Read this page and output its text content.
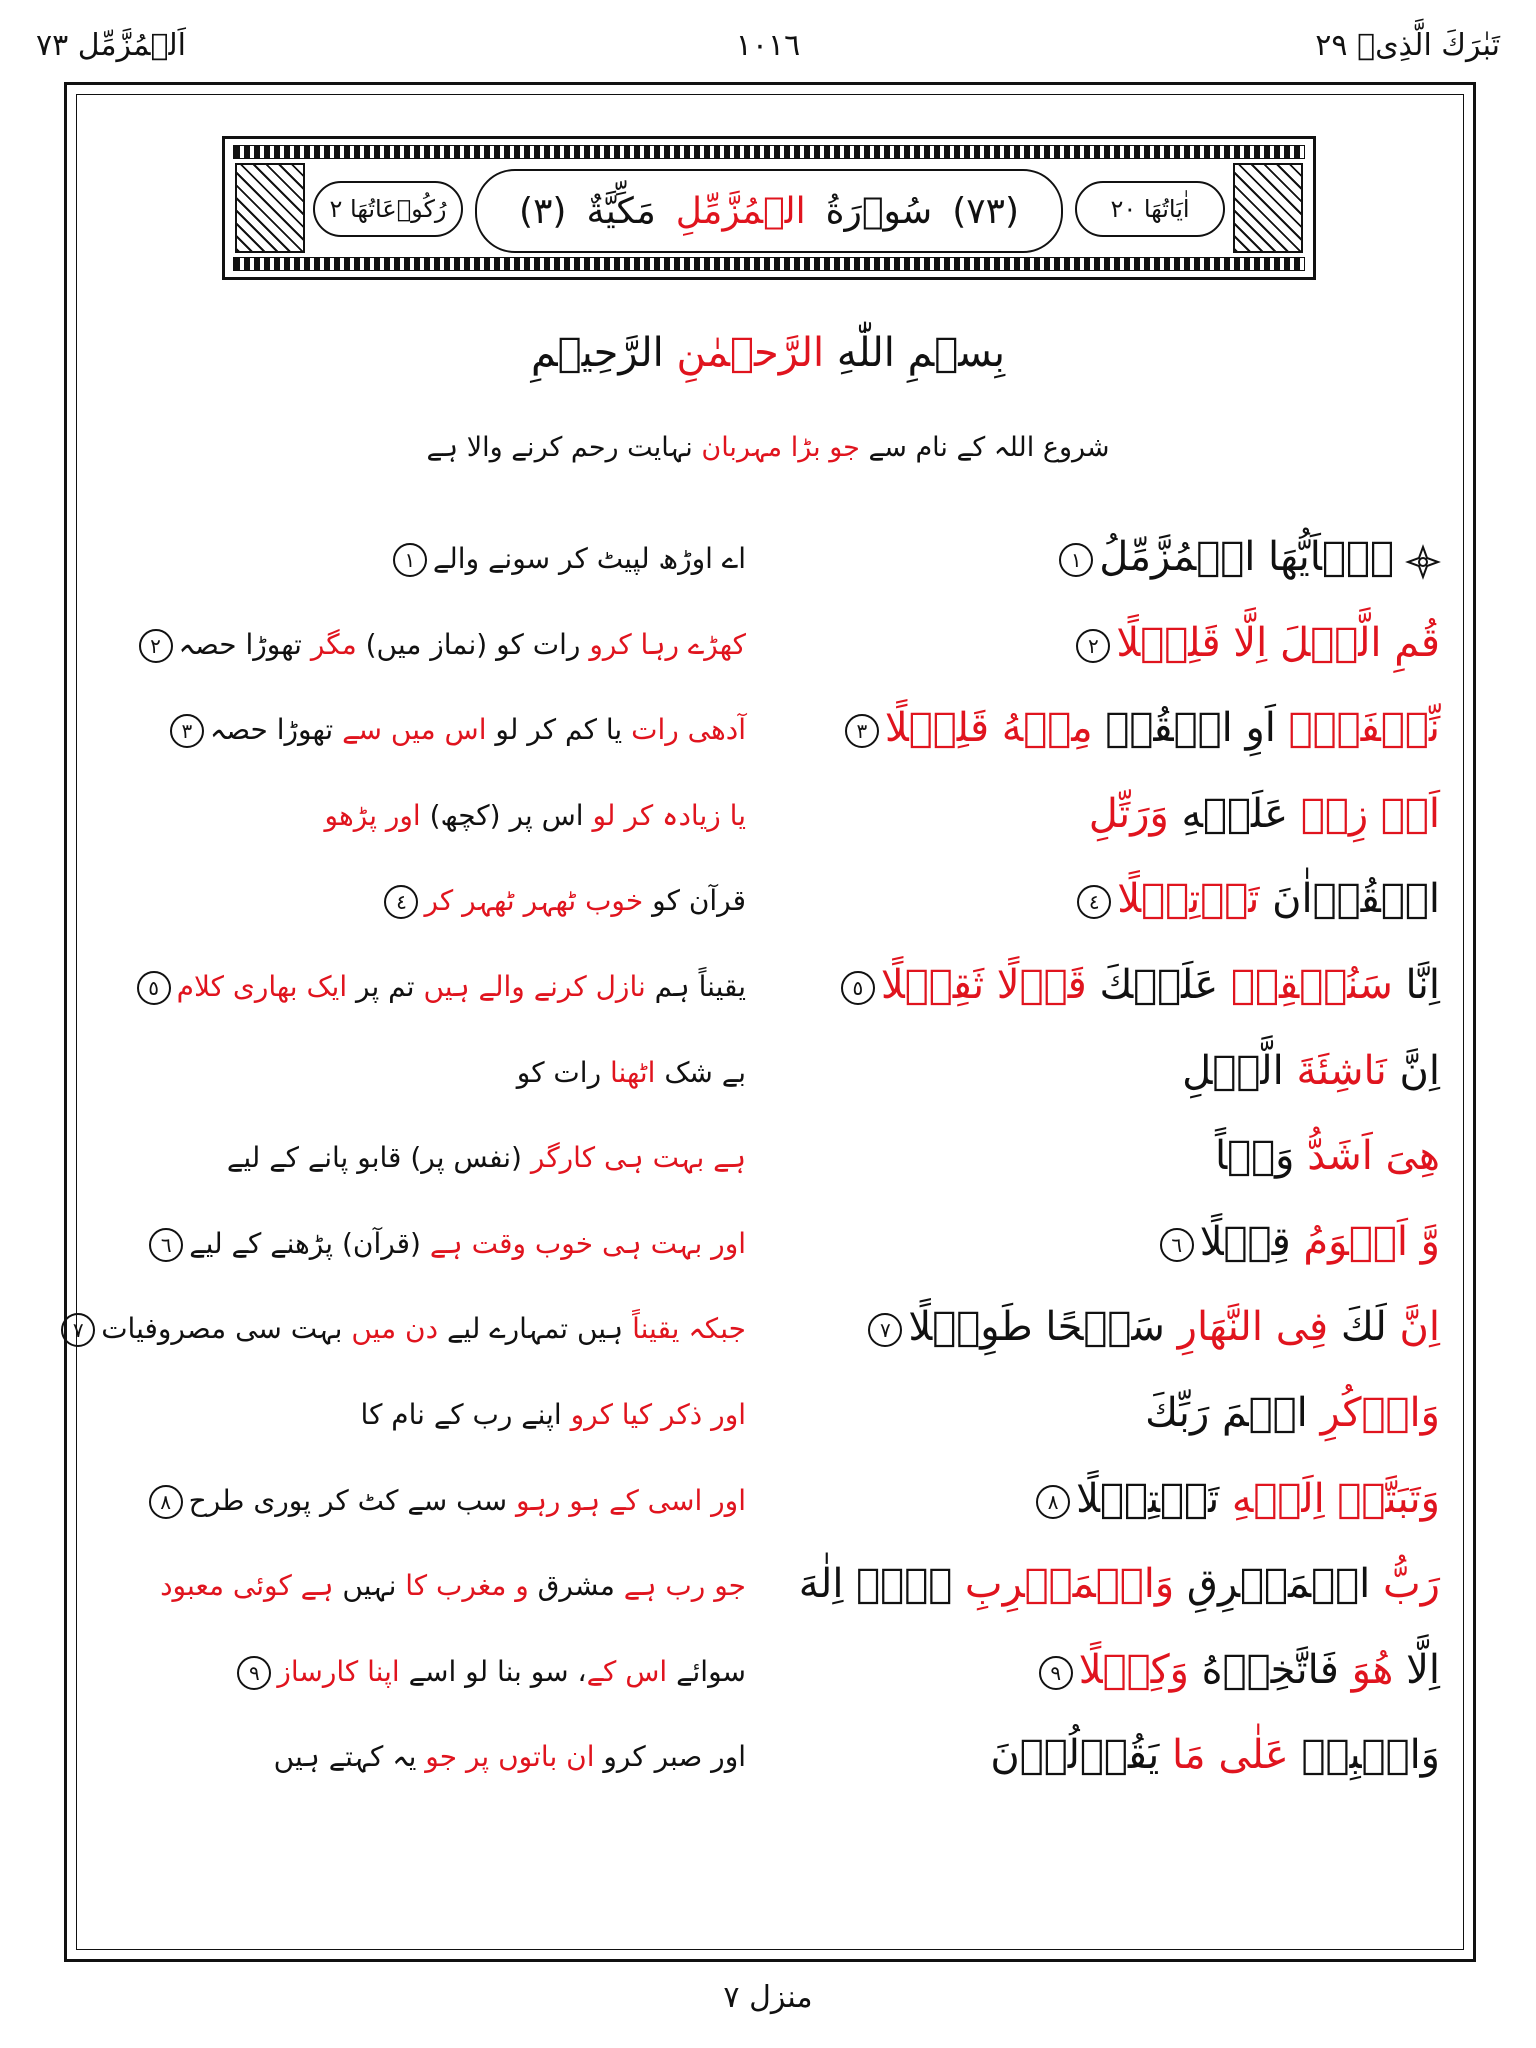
اَلۡمُزَّمِّل ٧٣	١٠١٦	تَبٰرَكَ الَّذِىۡ ٢٩
رُكُوۡعَاتُهَا ٢	اٰيَاتُهَا ٢٠
(٧٣)
سُوۡرَةُ
الۡمُزَّمِّلِ
مَكِّيَّةٌ
(٣)
بِسۡمِ اللّٰهِ الرَّحۡمٰنِ الرَّحِيۡمِ
شروع اللہ کے نام سے جو بڑا مہربان نہایت رحم کرنے والا ہے
يٰۤاَيُّهَا الۡمُزَّمِّلُ١
اے اوڑھ لپیٹ کر سونے والے١
قُمِ الَّيۡلَ اِلَّا قَلِيۡلًا٢
کھڑے رہا کرو رات کو (نماز میں) مگر تھوڑا حصہ٢
نِّصۡفَهٗۤ اَوِ انۡقُصۡ مِنۡهُ قَلِيۡلًا٣
آدھی رات یا کم کر لو اس میں سے تھوڑا حصہ٣
اَوۡ زِدۡ عَلَيۡهِ وَرَتِّلِ
یا زیادہ کر لو اس پر (کچھ) اور پڑھو
الۡقُرۡاٰنَ تَرۡتِيۡلًا٤
قرآن کو خوب ٹھہر ٹھہر کر٤
اِنَّا سَنُلۡقِىۡ عَلَيۡكَ قَوۡلًا ثَقِيۡلًا٥
یقیناً ہم نازل کرنے والے ہیں تم پر ایک بھاری کلام٥
اِنَّ نَاشِئَةَ الَّيۡلِ
بے شک اٹھنا رات کو
هِىَ اَشَدُّ وَطۡاً
ہے بہت ہی کارگر (نفس پر) قابو پانے کے لیے
وَّ اَقۡوَمُ قِيۡلًا٦
اور بہت ہی خوب وقت ہے (قرآن) پڑھنے کے لیے٦
اِنَّ لَكَ فِى النَّهَارِ سَبۡحًا طَوِيۡلًا٧
جبکہ یقیناً ہیں تمہارے لیے دن میں بہت سی مصروفیات٧
وَاذۡكُرِ اسۡمَ رَبِّكَ
اور ذکر کیا کرو اپنے رب کے نام کا
وَتَبَتَّلۡ اِلَيۡهِ تَبۡتِيۡلًا٨
اور اسی کے ہو رہو سب سے کٹ کر پوری طرح٨
رَبُّ الۡمَشۡرِقِ وَالۡمَغۡرِبِ لَاۤ اِلٰهَ
جو رب ہے مشرق و مغرب کا نہیں ہے کوئی معبود
اِلَّا هُوَ فَاتَّخِذۡهُ وَكِيۡلًا٩
سوائے اس کے، سو بنا لو اسے اپنا کارساز٩
وَاصۡبِرۡ عَلٰى مَا يَقُوۡلُوۡنَ
اور صبر کرو ان باتوں پر جو یہ کہتے ہیں
منزل ٧
